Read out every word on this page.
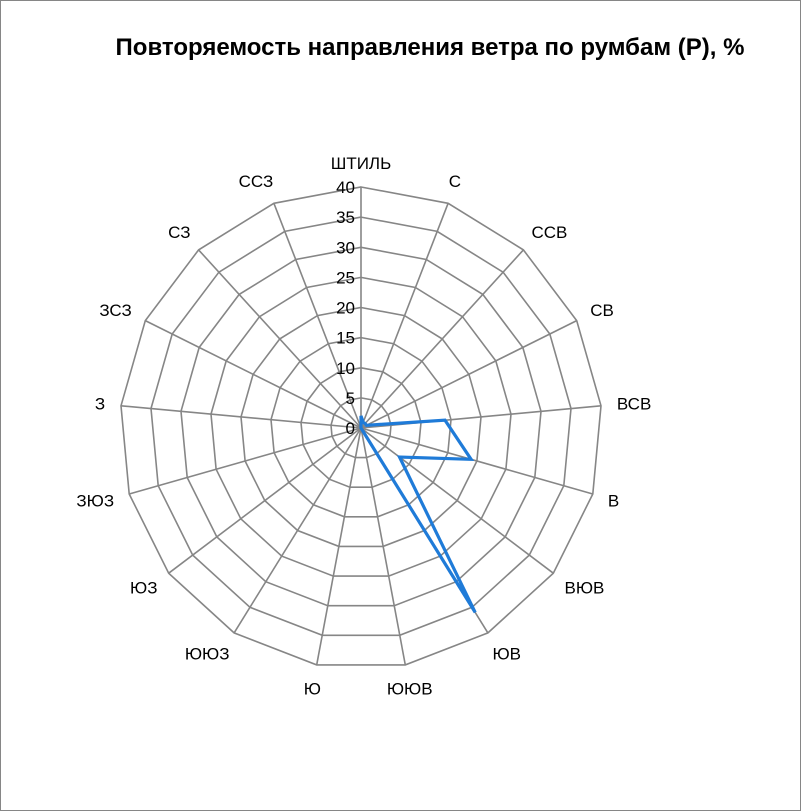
Повторяемость направления ветра по румбам (Р), %
0
5
10
15
20
25
30
35
40
ШТИЛЬ
С
ССВ
СВ
ВСВ
В
ВЮВ
ЮВ
ЮЮВ
Ю
ЮЮЗ
ЮЗ
ЗЮЗ
З
ЗСЗ
СЗ
ССЗ
